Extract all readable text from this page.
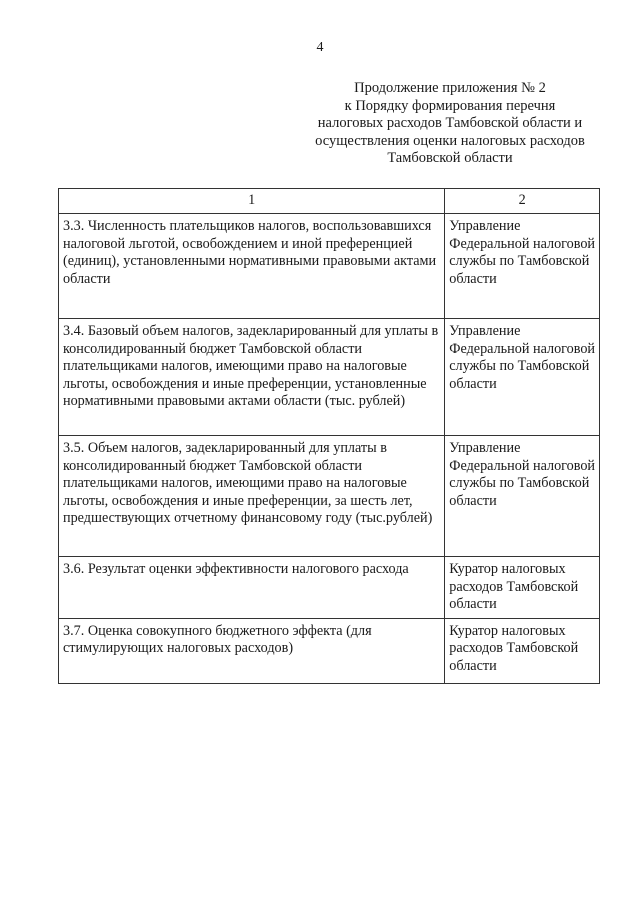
4
Продолжение приложения № 2
к Порядку формирования перечня
налоговых расходов Тамбовской области и
осуществления оценки налоговых расходов
Тамбовской области
1	2
3.3. Численность плательщиков налогов, воспользовавшихся налоговой льготой, освобождением и иной преференцией (единиц), установленными нормативными правовыми актами области	Управление Федеральной налоговой службы по Тамбовской области
3.4. Базовый объем налогов, задекларированный для уплаты в консолидированный бюджет Тамбовской области плательщиками налогов, имеющими право на налоговые льготы, освобождения и иные преференции, установленные нормативными правовыми актами области (тыс. рублей)	Управление Федеральной налоговой службы по Тамбовской области
3.5. Объем налогов, задекларированный для уплаты в консолидированный бюджет Тамбовской области плательщиками налогов, имеющими право на налоговые льготы, освобождения и иные преференции, за шесть лет, предшествующих отчетному финансовому году (тыс.рублей)	Управление Федеральной налоговой службы по Тамбовской области
3.6. Результат оценки эффективности налогового расхода	Куратор налоговых расходов Тамбовской области
3.7. Оценка совокупного бюджетного эффекта (для стимулирующих налоговых расходов)	Куратор налоговых расходов Тамбовской области
